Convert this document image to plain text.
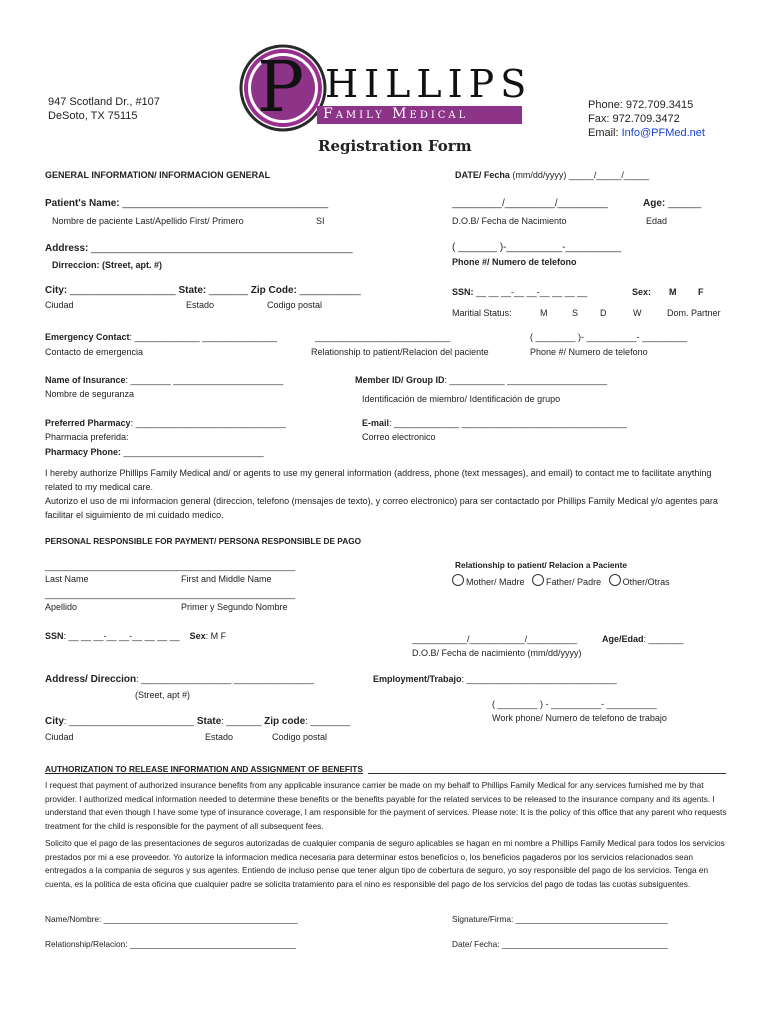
P HILLIPS
Family Medical
947 Scotland Dr., #107
DeSoto, TX 75115
Phone: 972.709.3415
Fax: 972.709.3472
Email: Info@PFMed.net
Registration Form
GENERAL INFORMATION/ INFORMACION GENERAL	DATE/ Fecha (mm/dd/yyyy) _____/_____/_____
Patient's Name: _____________________________________
Nombre de paciente Last/Apellido First/ Primero	SI
_________/_________/_________
D.O.B/ Fecha de Nacimiento
Age: ______
Edad
Address: _______________________________________________
Dirreccion: (Street, apt. #)
( _______ )-__________-__________
Phone #/ Numero de telefono
City: ___________________ State: _______ Zip Code: ___________
Ciudad	Estado	Codigo postal
SSN: __ __ __-__ __-__ __ __ __	Sex: M F
Maritial Status:	M	S D	W	Dom. Partner
Emergency Contact: _____________ _______________
Contacto de emergencia
___________________________
Relationship to patient/Relacion del paciente
( ________ )- __________- _________
Phone #/ Numero de telefono
Name of Insurance: ________ ______________________
Nombre de seguranza
Member ID/ Group ID: ___________ ____________________
Identificación de miembro/ Identificación de grupo
Preferred Pharmacy: ______________________________
Pharmacia preferida:
Pharmacy Phone: ____________________________
E-mail: _____________ _________________________________
Correo electronico
I hereby authorize Phillips Family Medical and/ or agents to use my general information (address, phone (text messages), and email) to contact me to facilitate anything related to my medical care.
Autorizo el uso de mi informacion general (direccion, telefono (mensajes de texto), y correo electronico) para ser contactado por Phillips Family Medical y/o agentes para facilitar el siguimiento de mi cuidado medico.
PERSONAL RESPONSIBLE FOR PAYMENT/ PERSONA RESPONSIBLE DE PAGO
__________________________________________________
Last Name	First and Middle Name
__________________________________________________
Apellido	Primer y Segundo Nombre
Relationship to patient/ Relacion a Paciente
Mother/ Madre Father/ Padre Other/Otras
SSN: __ __ __-__ __-__ __ __ __ Sex: M F	___________/___________/__________
D.O.B/ Fecha de nacimiento (mm/dd/yyyy)
Age/Edad: _______
Address/ Direccion: __________________ ________________
(Street, apt #)
Employment/Trabajo: ______________________________
( ________ ) - __________- __________
Work phone/ Numero de telefono de trabajo
City: _________________________ State: _______ Zip code: ________
Ciudad	Estado	Codigo postal
AUTHORIZATION TO RELEASE INFORMATION AND ASSIGNMENT OF BENEFITS
I request that payment of authorized insurance benefits from any applicable insurance carrier be made on my behalf to Phillips Family Medical for any services furnished me by that provider. I authorized medical information needed to determine these benefits or the benefits payable for the related services to be released to the insurance company and its agents. I understand that even though I have some type of insurance coverage, I am responsible for the payment of services. Please note: It is the policy of this office that any parent who requests treatment for the child is responsible for the payment of all subsequent fees.
Solicito que el pago de las presentaciones de seguros autorizadas de cualquier compania de seguro aplicables se hagan en mi nombre a Phillips Family Medical para todos los servicios prestados por mi a ese proveedor. Yo autorize la informacion medica necesaria para determinar estos beneficios o, los beneficios pagaderos por los servicios relacionados sean entregados a la compania de seguros y sus agentes. Entiendo de incluso pense que tener algun tipo de cobertura de seguro, yo soy responsible del pago de los servicios. Tenga en cuenta, es la politica de esta oficina que cualquier padre se solicita tratamiento para el nino es responsible del pago de los servicios del pago de todas las cuotas subsiguentes.
Name/Nombre: __________________________________________	Signature/Firma: _________________________________
Relationship/Relacion: ____________________________________	Date/ Fecha: ____________________________________
